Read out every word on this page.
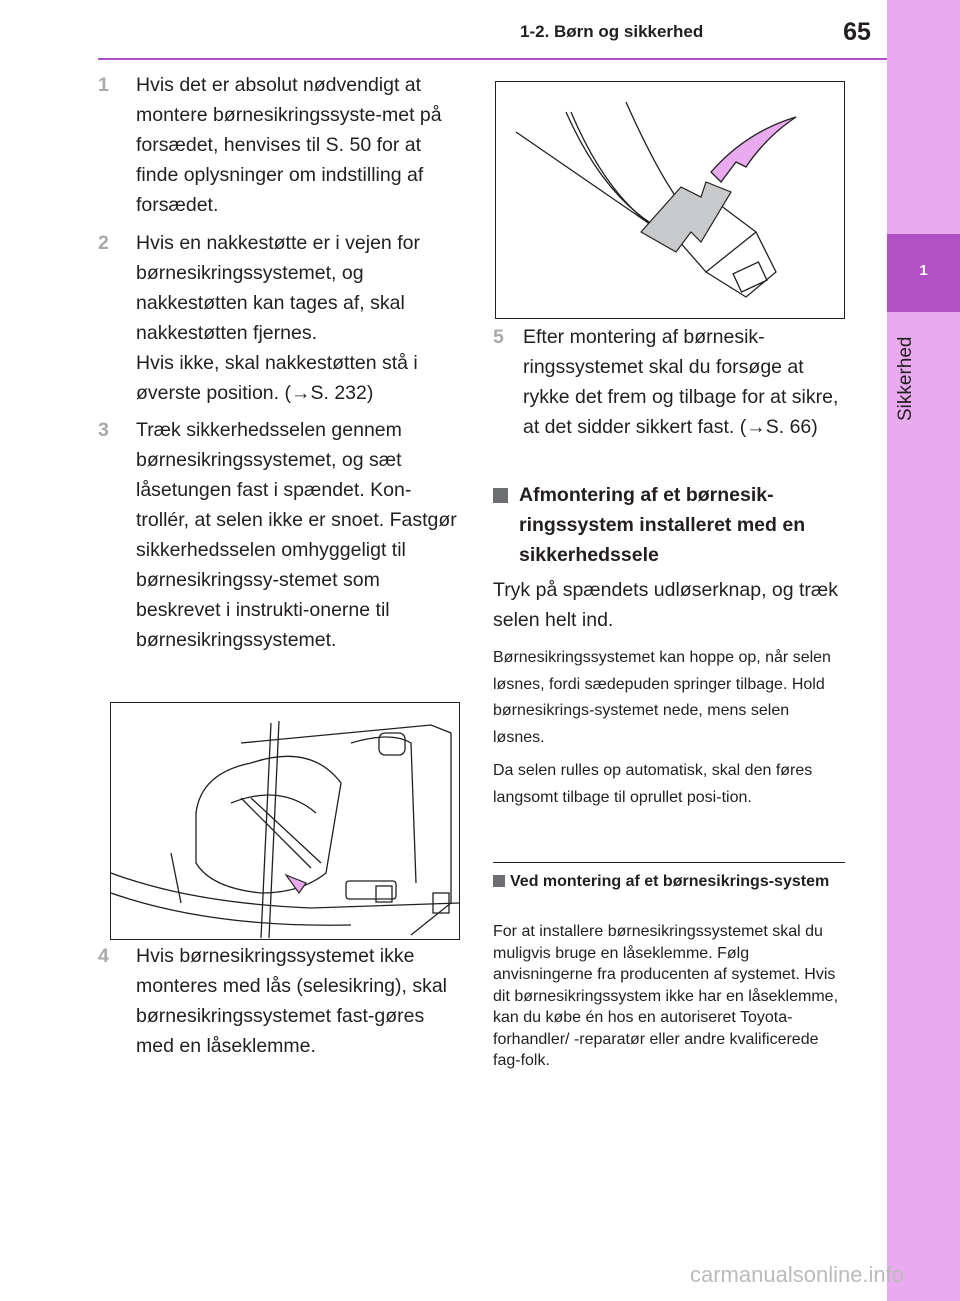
1
Sikkerhed
1-2. Børn og sikkerhed	65
1 Hvis det er absolut nødvendigt at montere børnesikringssyste-met på forsædet, henvises til S. 50 for at finde oplysninger om indstilling af forsædet.
2 Hvis en nakkestøtte er i vejen for børnesikringssystemet, og nakkestøtten kan tages af, skal nakkestøtten fjernes.
Hvis ikke, skal nakkestøtten stå i øverste position. (→S. 232)
3 Træk sikkerhedsselen gennem børnesikringssystemet, og sæt låsetungen fast i spændet. Kon-trollér, at selen ikke er snoet. Fastgør sikkerhedsselen omhyggeligt til børnesikringssy-stemet som beskrevet i instrukti-onerne til børnesikringssystemet.
4 Hvis børnesikringssystemet ikke monteres med lås (selesikring), skal børnesikringssystemet fast-gøres med en låseklemme.
5 Efter montering af børnesik-ringssystemet skal du forsøge at rykke det frem og tilbage for at sikre, at det sidder sikkert fast. (→S. 66)
Afmontering af et børnesik-ringssystem installeret med en sikkerhedssele
Tryk på spændets udløserknap, og træk selen helt ind.
Børnesikringssystemet kan hoppe op, når selen løsnes, fordi sædepuden springer tilbage. Hold børnesikrings-systemet nede, mens selen løsnes.
Da selen rulles op automatisk, skal den føres langsomt tilbage til oprullet posi-tion.
Ved montering af et børnesikrings-system
For at installere børnesikringssystemet skal du muligvis bruge en låseklemme. Følg anvisningerne fra producenten af systemet. Hvis dit børnesikringssystem ikke har en låseklemme, kan du købe én hos en autoriseret Toyota-forhandler/ -reparatør eller andre kvalificerede fag-folk.
carmanualsonline.info
